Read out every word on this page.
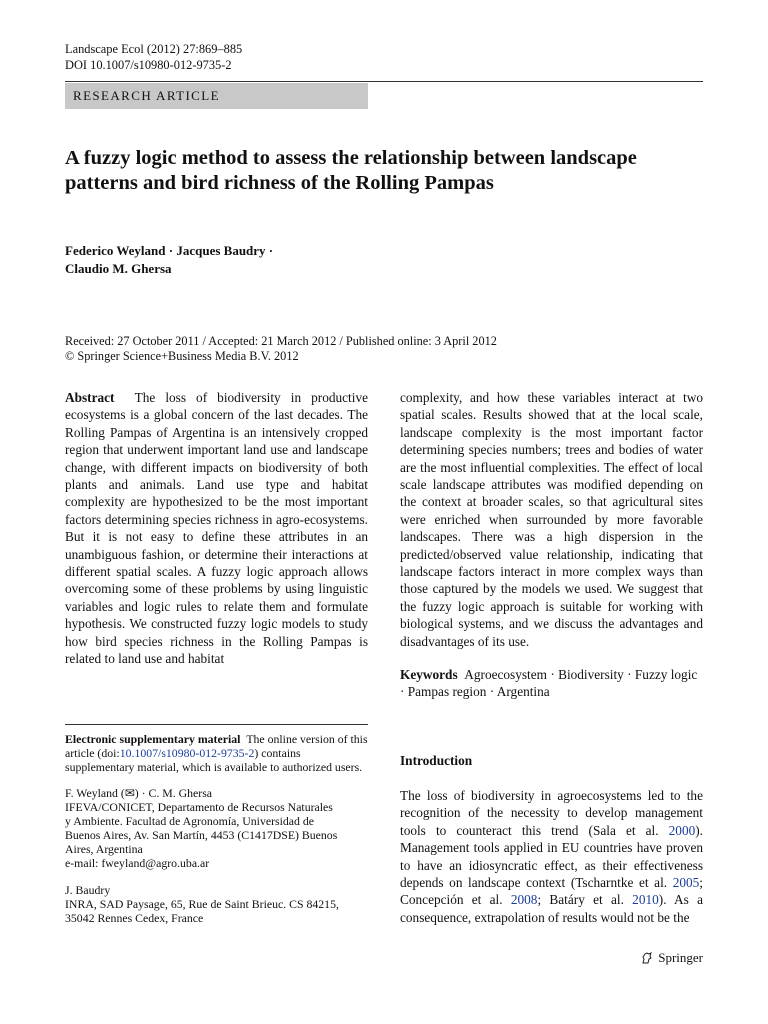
Landscape Ecol (2012) 27:869–885
DOI 10.1007/s10980-012-9735-2
RESEARCH ARTICLE
A fuzzy logic method to assess the relationship between landscape patterns and bird richness of the Rolling Pampas
Federico Weyland · Jacques Baudry ·
Claudio M. Ghersa
Received: 27 October 2011 / Accepted: 21 March 2012 / Published online: 3 April 2012
© Springer Science+Business Media B.V. 2012
Abstract The loss of biodiversity in productive ecosystems is a global concern of the last decades. The Rolling Pampas of Argentina is an intensively cropped region that underwent important land use and landscape change, with different impacts on biodiversity of both plants and animals. Land use type and habitat complexity are hypothesized to be the most important factors determining species richness in agro-ecosystems. But it is not easy to define these attributes in an unambiguous fashion, or determine their interactions at different spatial scales. A fuzzy logic approach allows overcoming some of these problems by using linguistic variables and logic rules to relate them and formulate hypothesis. We constructed fuzzy logic models to study how bird species richness in the Rolling Pampas is related to land use and habitat
complexity, and how these variables interact at two spatial scales. Results showed that at the local scale, landscape complexity is the most important factor determining species numbers; trees and bodies of water are the most influential complexities. The effect of local scale landscape attributes was modified depending on the context at broader scales, so that agricultural sites were enriched when surrounded by more favorable landscapes. There was a high dispersion in the predicted/observed value relationship, indicating that landscape factors interact in more complex ways than those captured by the models we used. We suggest that the fuzzy logic approach is suitable for working with biological systems, and we discuss the advantages and disadvantages of its use.
Keywords Agroecosystem · Biodiversity · Fuzzy logic · Pampas region · Argentina
Electronic supplementary material The online version of this article (doi:10.1007/s10980-012-9735-2) contains supplementary material, which is available to authorized users.
F. Weyland (✉) · C. M. Ghersa
IFEVA/CONICET, Departamento de Recursos Naturales
y Ambiente. Facultad de Agronomía, Universidad de
Buenos Aires, Av. San Martín, 4453 (C1417DSE) Buenos
Aires, Argentina
e-mail: fweyland@agro.uba.ar
J. Baudry
INRA, SAD Paysage, 65, Rue de Saint Brieuc. CS 84215,
35042 Rennes Cedex, France
Introduction
The loss of biodiversity in agroecosystems led to the recognition of the necessity to develop management tools to counteract this trend (Sala et al. 2000). Management tools applied in EU countries have proven to have an idiosyncratic effect, as their effectiveness depends on landscape context (Tscharntke et al. 2005; Concepción et al. 2008; Batáry et al. 2010). As a consequence, extrapolation of results would not be the
Springer
